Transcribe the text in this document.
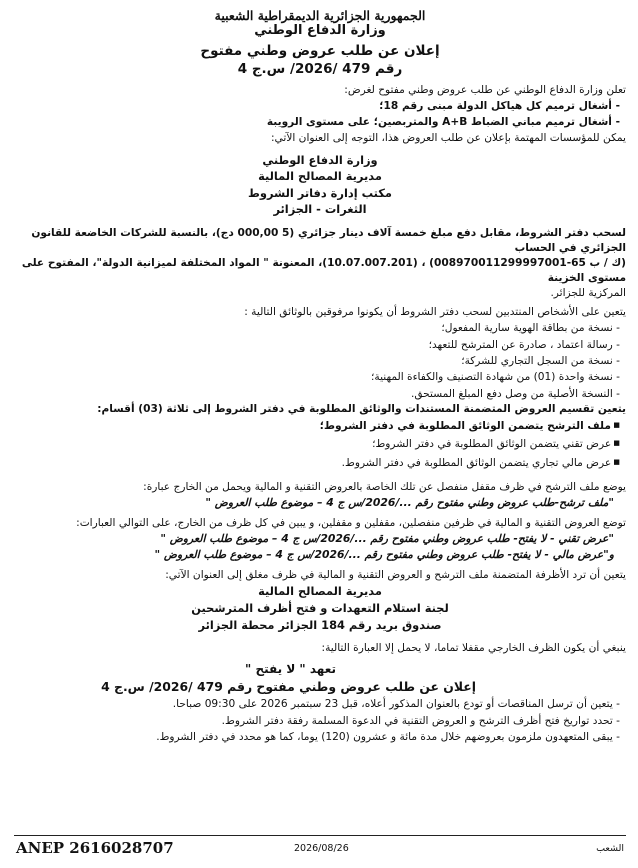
الجمهورية الجزائرية الديمقراطية الشعبية
وزارة الدفاع الوطني
إعلان عن طلب عروض وطني مفتوح
رقم 479 /2026/ س.ج 4
تعلن وزارة الدفاع الوطني عن طلب عروض وطني مفتوح لغرض:
- أشغال ترميم كل هياكل الدولة مبنى رقم 18؛
- أشغال ترميم مباني الضباط A+B والمتربصين؛ على مستوى الرويبة
يمكن للمؤسسات المهتمة بإعلان عن طلب العروض هذا، التوجه إلى العنوان الآتي:
وزارة الدفاع الوطني
مديرية المصالح المالية
مكتب إدارة دفاتر الشروط
الثغرات - الجزائر
لسحب دفتر الشروط، مقابل دفع مبلغ خمسة آلاف دينار جزائري (5 000,00 دج)، بالنسبة للشركات الخاضعة للقانون الجزائري في الحساب
(ك / ب 65-008970011299997001) ، (10.07.007.201)، المعنونة " المواد المختلفة لميزانية الدولة"، المفتوح على مستوى الخزينة
المركزية للجزائر.
يتعين على الأشخاص المنتدبين لسحب دفتر الشروط أن يكونوا مرفوقين بالوثائق التالية :
- نسخة من بطاقة الهوية سارية المفعول؛
- رسالة اعتماد ، صادرة عن المترشح للتعهد؛
- نسخة من السجل التجاري للشركة؛
- نسخة واحدة (01) من شهادة التصنيف والكفاءة المهنية؛
- النسخة الأصلية من وصل دفع المبلغ المستحق.
يتعين تقسيم العروض المتضمنة المستندات والوثائق المطلوبة في دفتر الشروط إلى ثلاثة (03) أقسام:
■ ملف الترشح يتضمن الوثائق المطلوبة في دفتر الشروط؛
■ عرض تقني يتضمن الوثائق المطلوبة في دفتر الشروط؛
■ عرض مالي تجاري يتضمن الوثائق المطلوبة في دفتر الشروط.
يوضع ملف الترشح في ظرف مقفل منفصل عن تلك الخاصة بالعروض التقنية و المالية ويحمل من الخارج عبارة:
"ملف ترشح-طلب عروض وطني مفتوح رقم .../2026/س ج 4 – موضوع طلب العروض "
توضع العروض التقنية و المالية في ظرفين منفصلين، مقفلين و مقفلين، و يبين في كل ظرف من الخارج، على التوالي العبارات:
"عرض تقني - لا يفتح- طلب عروض وطني مفتوح رقم .../2026/س ج 4 – موضوع طلب العروض "
و"عرض مالي - لا يفتح- طلب عروض وطني مفتوح رقم .../2026/س ج 4 – موضوع طلب العروض "
يتعين أن ترد الأظرفة المتضمنة ملف الترشح و العروض التقنية و المالية في ظرف مغلق إلى العنوان الآتي:
مديرية المصالح المالية
لجنة استلام التعهدات و فتح أظرف المترشحين
صندوق بريد رقم 184 الجزائر محطة الجزائر
ينبغي أن يكون الظرف الخارجي مقفلا تماما، لا يحمل إلا العبارة التالية:
تعهد " لا يفتح "
إعلان عن طلب عروض وطني مفتوح رقم 479 /2026/ س.ج 4
- يتعين أن ترسل المناقصات أو تودع بالعنوان المذكور أعلاه، قبل 23 سبتمبر 2026 على 09:30 صباحا.
- تحدد تواريخ فتح أظرف الترشح و العروض التقنية في الدعوة المسلمة رفقة دفتر الشروط.
- يبقى المتعهدون ملزمون بعروضهم خلال مدة مائة و عشرون (120) يوما، كما هو محدد في دفتر الشروط.
ANEP 2616028707	2026/08/26	الشعب
